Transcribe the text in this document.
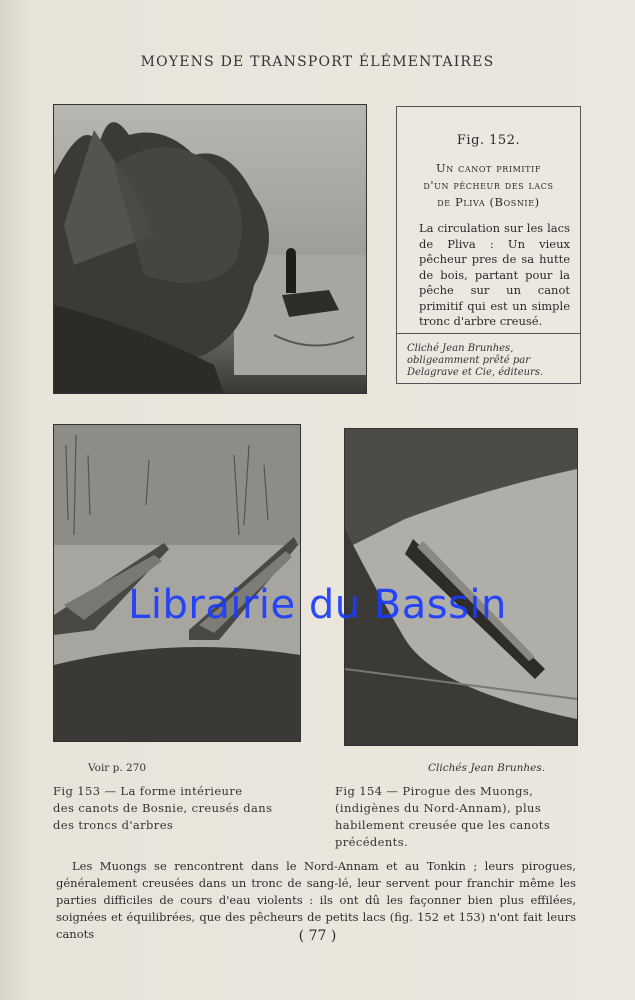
MOYENS DE TRANSPORT ÉLÉMENTAIRES
Fig. 152.
Un canot primitif
d'un pêcheur des lacs
de Pliva (Bosnie)
La circulation sur les lacs de Pliva : Un vieux pêcheur pres de sa hutte de bois, partant pour la pêche sur un canot primitif qui est un simple tronc d'arbre creusé.
Cliché Jean Brunhes, obligeamment prêté par Delagrave et Cie, éditeurs.
Librairie du Bassin
Voir p. 270	Clichés Jean Brunhes.
Fig 153 — La forme intérieure
des canots de Bosnie, creusés dans
des troncs d'arbres
Fig 154 — Pirogue des Muongs,
(indigènes du Nord-Annam), plus
habilement creusée que les canots
précédents.
Les Muongs se rencontrent dans le Nord-Annam et au Tonkin ; leurs pirogues, généralement creusées dans un tronc de sang-lé, leur servent pour franchir même les parties difficiles de cours d'eau violents : ils ont dû les façonner bien plus effilées, soignées et équilibrées, que des pêcheurs de petits lacs (fig. 152 et 153) n'ont fait leurs canots	( 77 )
